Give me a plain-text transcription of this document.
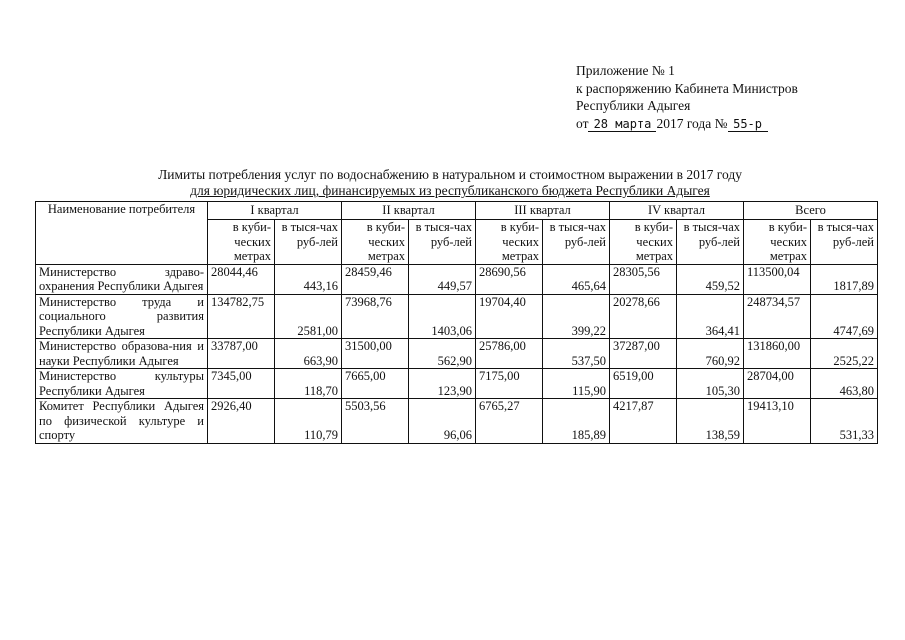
Приложение № 1
к распоряжению Кабинета Министров
Республики Адыгея
от 28 марта 2017 года № 55-р
Лимиты потребления услуг по водоснабжению в натуральном и стоимостном выражении в 2017 году
для юридических лиц, финансируемых из республиканского бюджета Республики Адыгея
Наименование потребителя	I квартал		II квартал		III квартал		IV квартал		Всего	
	в куби-ческих метрах	в тыся-чах руб-лей	в куби-ческих метрах	в тыся-чах руб-лей	в куби-ческих метрах	в тыся-чах руб-лей	в куби-ческих метрах	в тыся-чах руб-лей	в куби-ческих метрах	в тыся-чах руб-лей
Министерство здраво-охранения Республики Адыгея	28044,46	443,16	28459,46	449,57	28690,56	465,64	28305,56	459,52	113500,04	1817,89
Министерство труда и социального развития Республики Адыгея	134782,75	2581,00	73968,76	1403,06	19704,40	399,22	20278,66	364,41	248734,57	4747,69
Министерство образова-ния и науки Республики Адыгея	33787,00	663,90	31500,00	562,90	25786,00	537,50	37287,00	760,92	131860,00	2525,22
Министерство культуры Республики Адыгея	7345,00	118,70	7665,00	123,90	7175,00	115,90	6519,00	105,30	28704,00	463,80
Комитет Республики Адыгея по физической культуре и спорту	2926,40	110,79	5503,56	96,06	6765,27	185,89	4217,87	138,59	19413,10	531,33
